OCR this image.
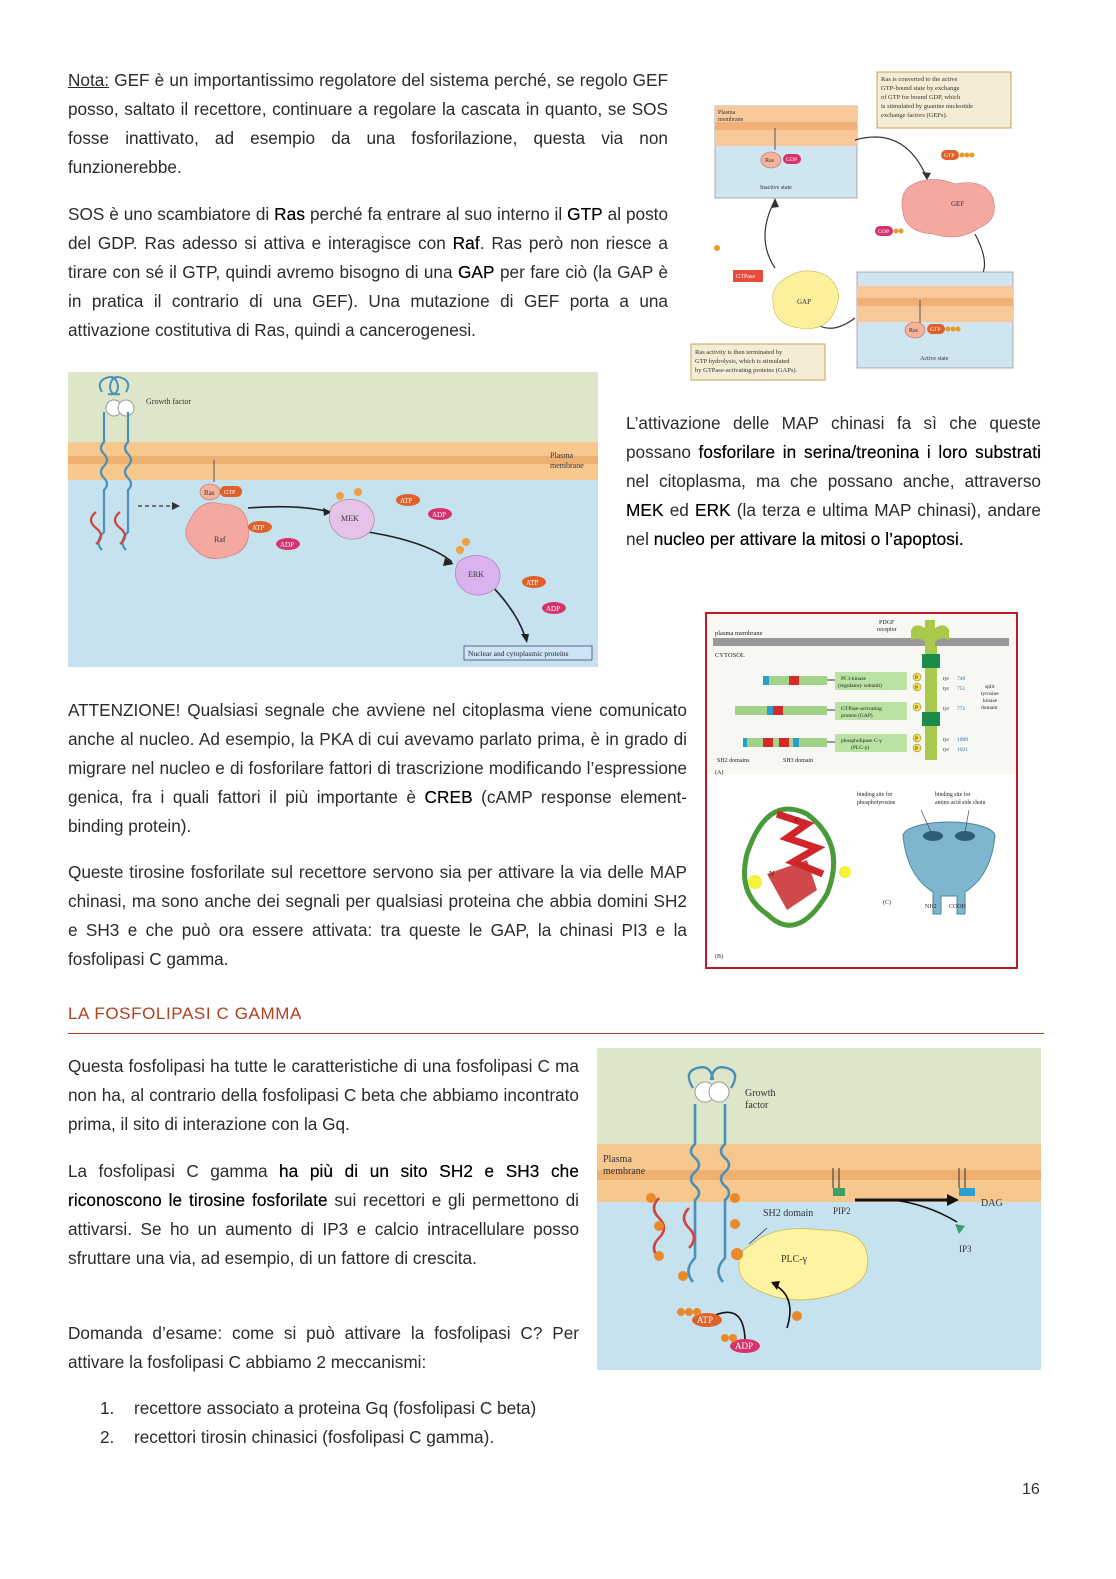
Nota: GEF è un importantissimo regolatore del sistema perché, se regolo GEF posso, saltato il recettore, continuare a regolare la cascata in quanto, se SOS fosse inattivato, ad esempio da una fosforilazione, questa via non funzionerebbe.

SOS è uno scambiatore di Ras perché fa entrare al suo interno il GTP al posto del GDP. Ras adesso si attiva e interagisce con Raf. Ras però non riesce a tirare con sé il GTP, quindi avremo bisogno di una GAP per fare ciò (la GAP è in pratica il contrario di una GEF). Una mutazione di GEF porta a una attivazione costitutiva di Ras, quindi a cancerogenesi.

Ras is converted to the active GTP-bound state by exchange of GTP for bound GDP, which is stimulated by guanine nucleotide exchange factors (GEFs).
Plasma membrane
Ras GDP
Inactive state
GEF
GTP
GDP
GTPase
GAP
Ras GTP
Active state
Ras activity is then terminated by GTP hydrolysis, which is stimulated by GTPase-activating proteins (GAPs).
Plasma membrane
Growth factor
Ras GTP
Raf
MEK
ERK
ATP
ADP
ATP
ADP
ATP
ADP
Nuclear and cytoplasmic proteins

L’attivazione delle MAP chinasi fa sì che queste possano fosforilare in serina/treonina i loro substrati nel citoplasma, ma che possano anche, attraverso MEK ed ERK (la terza e ultima MAP chinasi), andare nel nucleo per attivare la mitosi o l’apoptosi.

plasma membrane
CYTOSOL
PDGF receptor
PI 3-kinase (regulatory subunit)
GTPase-activating protein (GAP)
phospholipase C-γ (PLC-γ)
P	tyr 740
P	tyr 751
P	tyr 771
P	tyr 1009
P	tyr 1021
split tyrosine kinase domain
SH2 domains	SH3 domain
(A)
C
N
(B)
binding site for phosphotyrosine
binding site for amino acid side chain
(C)
NH2 COOH

ATTENZIONE! Qualsiasi segnale che avviene nel citoplasma viene comunicato anche al nucleo. Ad esempio, la PKA di cui avevamo parlato prima, è in grado di migrare nel nucleo e di fosforilare fattori di trascrizione modificando l’espressione genica, fra i quali fattori il più importante è CREB (cAMP response element-binding protein).

Queste tirosine fosforilate sul recettore servono sia per attivare la via delle MAP chinasi, ma sono anche dei segnali per qualsiasi proteina che abbia domini SH2 e SH3 e che può ora essere attivata: tra queste le GAP, la chinasi PI3 e la fosfolipasi C gamma.

LA FOSFOLIPASI C GAMMA

Questa fosfolipasi ha tutte le caratteristiche di una fosfolipasi C ma non ha, al contrario della fosfolipasi C beta che abbiamo incontrato prima, il sito di interazione con la Gq.

La fosfolipasi C gamma ha più di un sito SH2 e SH3 che riconoscono le tirosine fosforilate sui recettori e gli permettono di attivarsi. Se ho un aumento di IP3 e calcio intracellulare posso sfruttare una via, ad esempio, di un fattore di crescita.

Domanda d’esame: come si può attivare la fosfolipasi C? Per attivare la fosfolipasi C abbiamo 2 meccanismi:

1. recettore associato a proteina Gq (fosfolipasi C beta)
2. recettori tirosin chinasici (fosfolipasi C gamma).
Plasma membrane
Growth factor
PLC-γ
SH2 domain PIP2
DAG
IP3
ATP
ADP
16
